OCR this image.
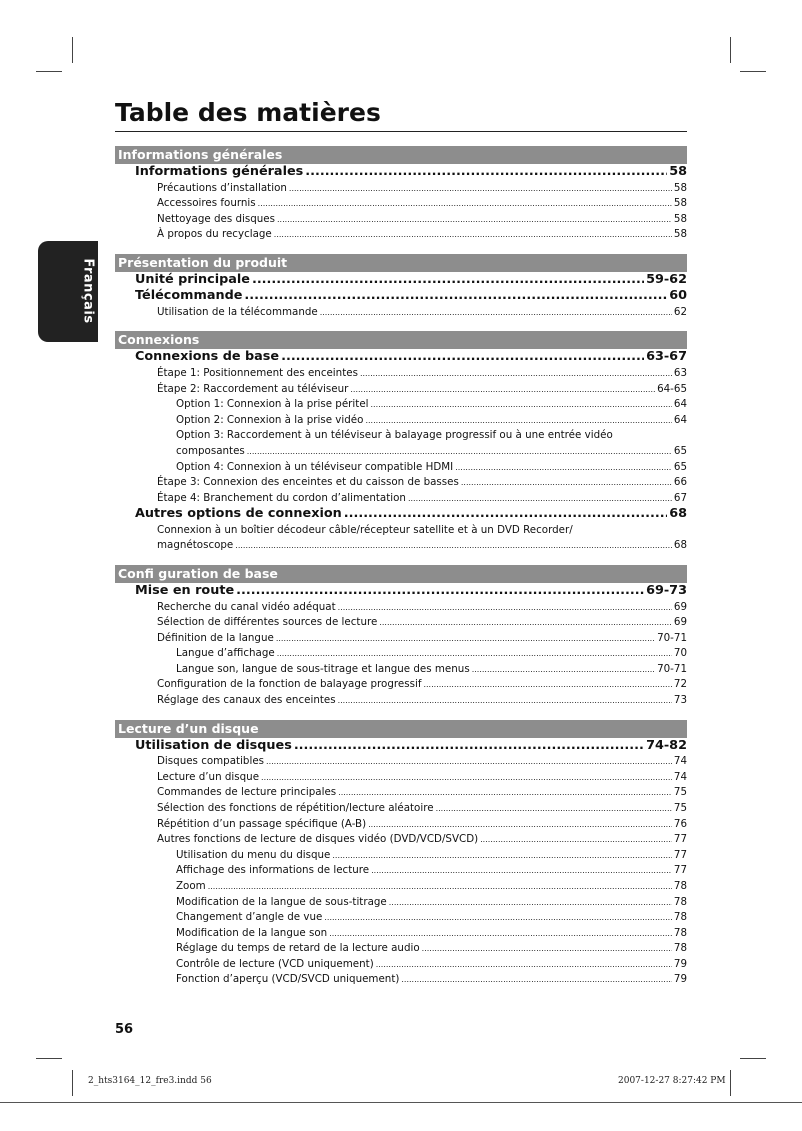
Français
Table des matières
Informations générales
Informations générales .....	58
Précautions d’installation .....	58
Accessoires fournis .....	58
Nettoyage des disques .....	58
À propos du recyclage .....	58
Présentation du produit
Unité principale .....	59-62
Télécommande .....	60
Utilisation de la télécommande .....	62
Connexions
Connexions de base .....	63-67
Étape 1: Positionnement des enceintes .....	63
Étape 2: Raccordement au téléviseur .....	64-65
Option 1: Connexion à la prise péritel .....	64
Option 2: Connexion à la prise vidéo .....	64
Option 3: Raccordement à un téléviseur à balayage progressif ou à une entrée vidéo
composantes .....	65
Option 4: Connexion à un téléviseur compatible HDMI .....	65
Étape 3: Connexion des enceintes et du caisson de basses .....	66
Étape 4: Branchement du cordon d’alimentation .....	67
Autres options de connexion .....	68
Connexion à un boîtier décodeur câble/récepteur satellite et à un DVD Recorder/
magnétoscope .....	68
Confi guration de base
Mise en route .....	69-73
Recherche du canal vidéo adéquat .....	69
Sélection de différentes sources de lecture .....	69
Définition de la langue .....	70-71
Langue d’affichage .....	70
Langue son, langue de sous-titrage et langue des menus .....	70-71
Configuration de la fonction de balayage progressif .....	72
Réglage des canaux des enceintes .....	73
Lecture d’un disque
Utilisation de disques .....	74-82
Disques compatibles .....	74
Lecture d’un disque .....	74
Commandes de lecture principales .....	75
Sélection des fonctions de répétition/lecture aléatoire .....	75
Répétition d’un passage spécifique (A-B) .....	76
Autres fonctions de lecture de disques vidéo (DVD/VCD/SVCD) .....	77
Utilisation du menu du disque .....	77
Affichage des informations de lecture .....	77
Zoom .....	78
Modification de la langue de sous-titrage .....	78
Changement d’angle de vue .....	78
Modification de la langue son .....	78
Réglage du temps de retard de la lecture audio .....	78
Contrôle de lecture (VCD uniquement) .....	79
Fonction d’aperçu (VCD/SVCD uniquement) .....	79
56
2_hts3164_12_fre3.indd 56	2007-12-27 8:27:42 PM
